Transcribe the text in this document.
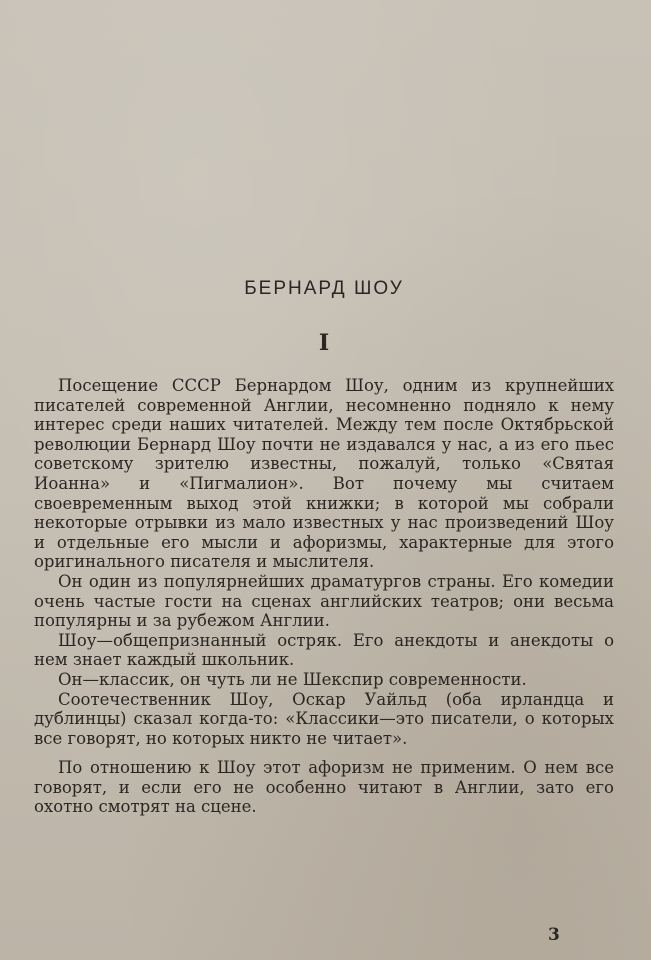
БЕРНАРД ШОУ
I

Посещение СССР Бернардом Шоу, одним из крупнейших писателей современной Англии, несомненно подняло к нему интерес среди наших читателей. Между тем после Октябрьской революции Бернард Шоу почти не издавался у нас, а из его пьес советскому зрителю известны, пожалуй, только «Святая Иоанна» и «Пигмалион». Вот почему мы считаем своевременным выход этой книжки; в которой мы собрали некоторые отрывки из мало известных у нас произведений Шоу и отдельные его мысли и афоризмы, характерные для этого оригинального писателя и мыслителя.

Он один из популярнейших драматургов страны. Его комедии очень частые гости на сценах английских театров; они весьма популярны и за рубежом Англии.

Шоу—общепризнанный остряк. Его анекдоты и анекдоты о нем знает каждый школьник.

Он—классик, он чуть ли не Шекспир современности.

Соотечественник Шоу, Оскар Уайльд (оба ирландца и дублинцы) сказал когда-то: «Классики—это писатели, о которых все говорят, но которых никто не читает».

По отношению к Шоу этот афоризм не применим. О нем все говорят, и если его не особенно читают в Англии, зато его охотно смотрят на сцене.

3
